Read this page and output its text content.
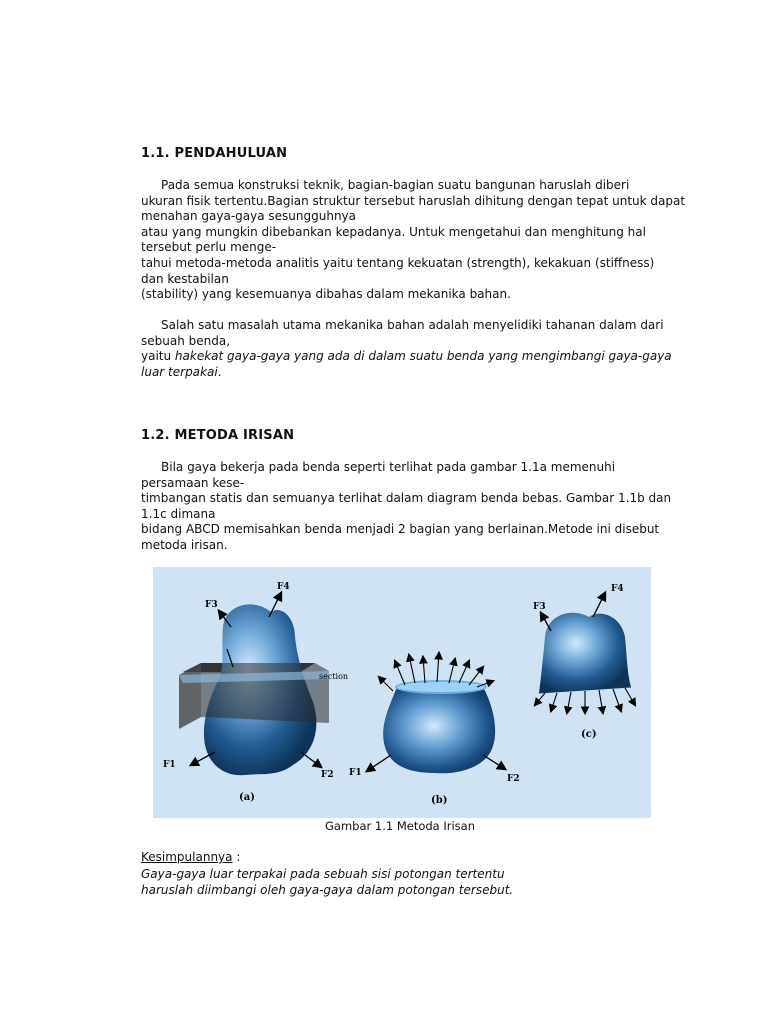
1.1. PENDAHULUAN
Pada semua konstruksi teknik, bagian-bagian suatu bangunan haruslah diberi
ukuran fisik tertentu.Bagian struktur tersebut haruslah dihitung dengan tepat untuk dapat
menahan gaya-gaya sesungguhnya
atau yang mungkin dibebankan kepadanya. Untuk mengetahui dan menghitung hal
tersebut perlu menge-
tahui metoda-metoda analitis yaitu tentang kekuatan (strength), kekakuan (stiffness)
dan kestabilan
(stability) yang kesemuanya dibahas dalam mekanika bahan.
Salah satu masalah utama mekanika bahan adalah menyelidiki tahanan dalam dari
sebuah benda,
yaitu hakekat gaya-gaya yang ada di dalam suatu benda yang mengimbangi gaya-gaya
luar terpakai.
1.2. METODA IRISAN
Bila gaya bekerja pada benda seperti terlihat pada gambar 1.1a memenuhi
persamaan kese-
timbangan statis dan semuanya terlihat dalam diagram benda bebas. Gambar 1.1b dan
1.1c dimana
bidang ABCD memisahkan benda menjadi 2 bagian yang berlainan.Metode ini disebut
metoda irisan.
F4
F3
F1
F2
section
(a)
F1
F2
(b)
F4
F3
(c)
Gambar 1.1 Metoda Irisan
Kesimpulannya :
Gaya-gaya luar terpakai pada sebuah sisi potongan tertentu
haruslah diimbangi oleh gaya-gaya dalam potongan tersebut.
